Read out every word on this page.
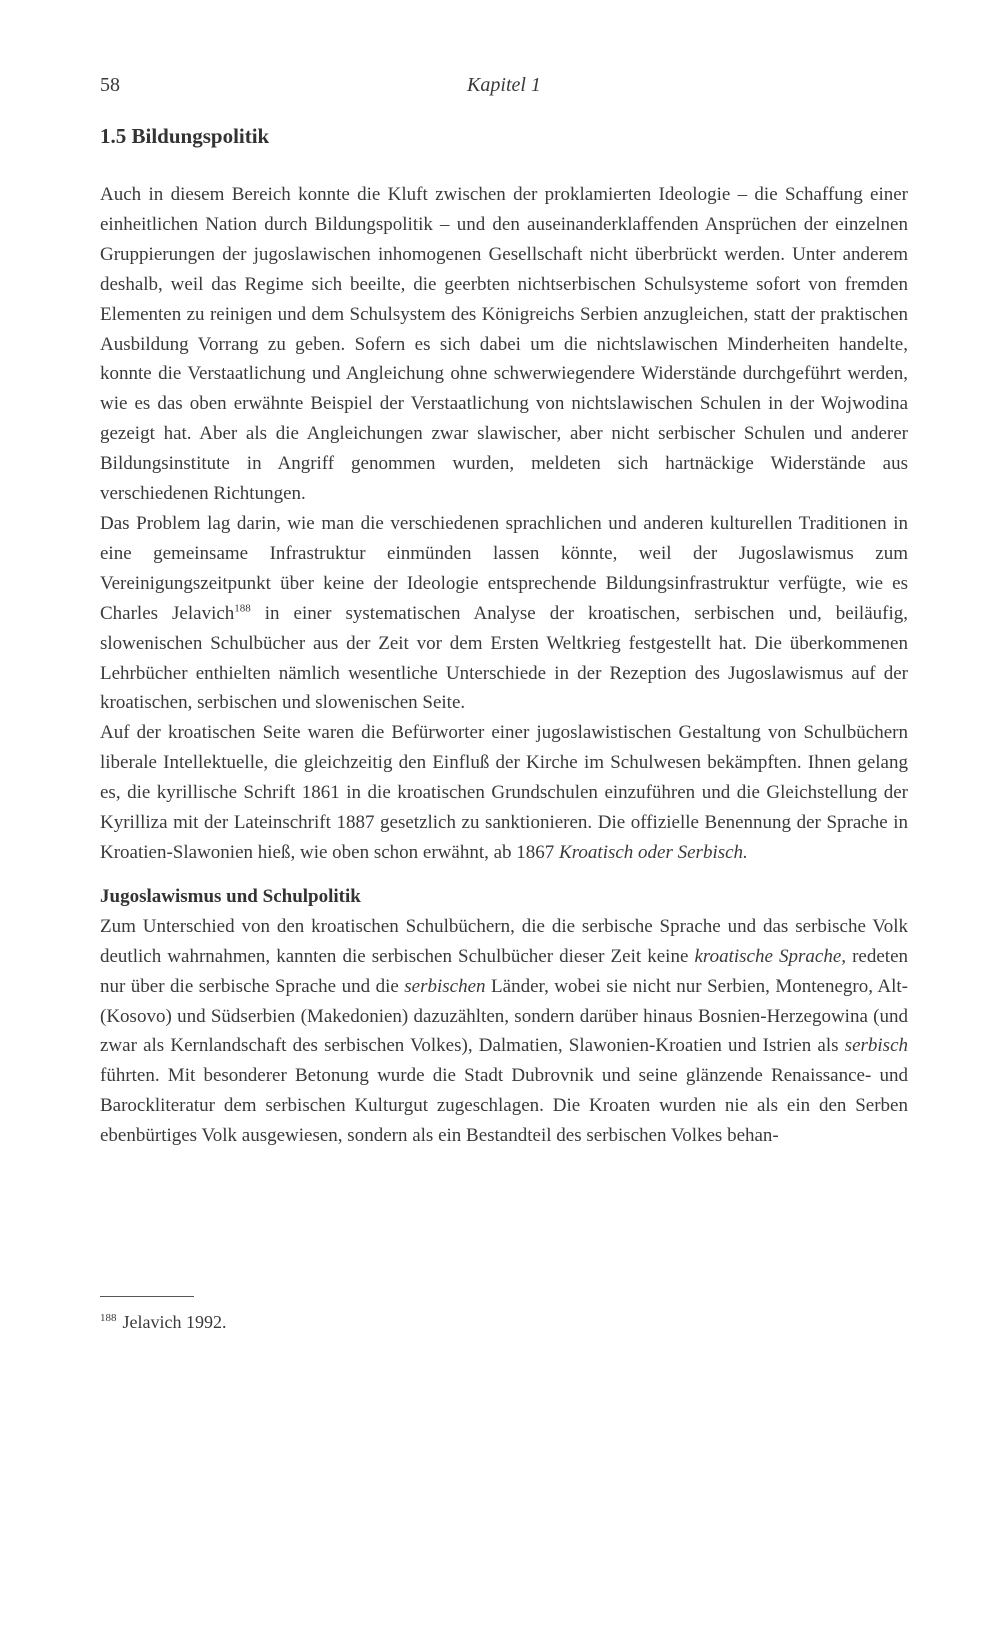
58	Kapitel 1
1.5 Bildungspolitik

Auch in diesem Bereich konnte die Kluft zwischen der proklamierten Ideologie – die Schaffung einer einheitlichen Nation durch Bildungspolitik – und den auseinanderklaffenden Ansprüchen der einzelnen Gruppierungen der jugoslawischen inhomogenen Gesellschaft nicht überbrückt werden. Unter anderem deshalb, weil das Regime sich beeilte, die geerbten nichtserbischen Schulsysteme sofort von fremden Elementen zu reinigen und dem Schulsystem des Königreichs Serbien anzugleichen, statt der praktischen Ausbildung Vorrang zu geben. Sofern es sich dabei um die nichtslawischen Minderheiten handelte, konnte die Verstaatlichung und Angleichung ohne schwerwiegendere Widerstände durchgeführt werden, wie es das oben erwähnte Beispiel der Verstaatlichung von nichtslawischen Schulen in der Wojwodina gezeigt hat. Aber als die Angleichungen zwar slawischer, aber nicht serbischer Schulen und anderer Bildungsinstitute in Angriff genommen wurden, meldeten sich hartnäckige Widerstände aus verschiedenen Richtungen.

Das Problem lag darin, wie man die verschiedenen sprachlichen und anderen kulturellen Traditionen in eine gemeinsame Infrastruktur einmünden lassen könnte, weil der Jugoslawismus zum Vereinigungszeitpunkt über keine der Ideologie entsprechende Bildungsinfrastruktur verfügte, wie es Charles Jelavich$^{188}$ in einer systematischen Analyse der kroatischen, serbischen und, beiläufig, slowenischen Schulbücher aus der Zeit vor dem Ersten Weltkrieg festgestellt hat. Die überkommenen Lehrbücher enthielten nämlich wesentliche Unterschiede in der Rezeption des Jugoslawismus auf der kroatischen, serbischen und slowenischen Seite.

Auf der kroatischen Seite waren die Befürworter einer jugoslawistischen Gestaltung von Schulbüchern liberale Intellektuelle, die gleichzeitig den Einfluß der Kirche im Schulwesen bekämpften. Ihnen gelang es, die kyrillische Schrift 1861 in die kroatischen Grundschulen einzuführen und die Gleichstellung der Kyrilliza mit der Lateinschrift 1887 gesetzlich zu sanktionieren. Die offizielle Benennung der Sprache in Kroatien-Slawonien hieß, wie oben schon erwähnt, ab 1867 Kroatisch oder Serbisch.

Jugoslawismus und Schulpolitik

Zum Unterschied von den kroatischen Schulbüchern, die die serbische Sprache und das serbische Volk deutlich wahrnahmen, kannten die serbischen Schulbücher dieser Zeit keine kroatische Sprache, redeten nur über die serbische Sprache und die serbischen Länder, wobei sie nicht nur Serbien, Montenegro, Alt- (Kosovo) und Südserbien (Makedonien) dazuzählten, sondern darüber hinaus Bosnien-Herzegowina (und zwar als Kernlandschaft des serbischen Volkes), Dalmatien, Slawonien-Kroatien und Istrien als serbisch führten. Mit besonderer Betonung wurde die Stadt Dubrovnik und seine glänzende Renaissance- und Barockliteratur dem serbischen Kulturgut zugeschlagen. Die Kroaten wurden nie als ein den Serben ebenbürtiges Volk ausgewiesen, sondern als ein Bestandteil des serbischen Volkes behan-

$^{188}$ Jelavich 1992.
